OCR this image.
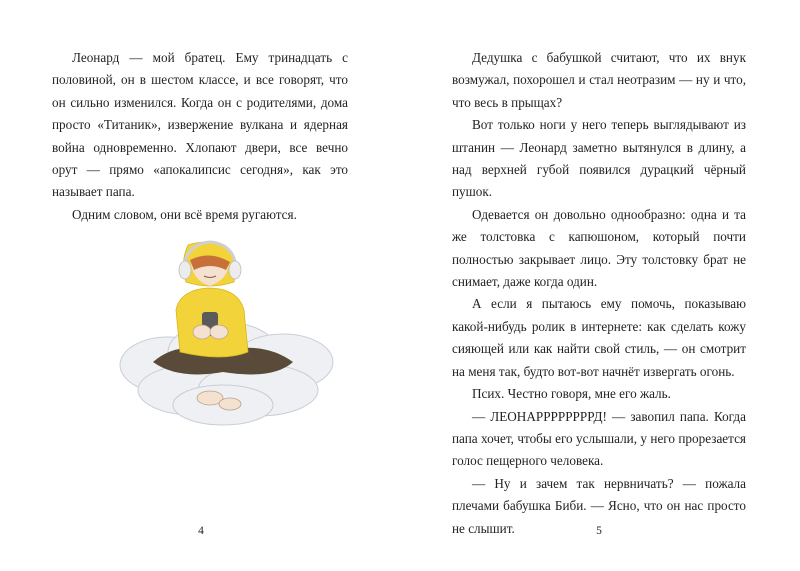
Леонард — мой братец. Ему тринадцать с половиной, он в шестом классе, и все говорят, что он сильно изменился. Когда он с родителями, дома просто «Титаник», извержение вулкана и ядерная война одновременно. Хлопают двери, все вечно орут — прямо «апокалипсис сегодня», как это называет папа.

Одним словом, они всё время ругаются.

4

Дедушка с бабушкой считают, что их внук возмужал, похорошел и стал неотразим — ну и что, что весь в прыщах?

Вот только ноги у него теперь выглядывают из штанин — Леонард заметно вытянулся в длину, а над верхней губой появился дурацкий чёрный пушок.

Одевается он довольно однообразно: одна и та же толстовка с капюшоном, который почти полностью закрывает лицо. Эту толстовку брат не снимает, даже когда один.

А если я пытаюсь ему помочь, показываю какой-нибудь ролик в интернете: как сделать кожу сияющей или как найти свой стиль, — он смотрит на меня так, будто вот-вот начнёт извергать огонь.

Псих. Честно говоря, мне его жаль.

— ЛЕОНАРРРРРРРРД! — завопил папа. Когда папа хочет, чтобы его услышали, у него прорезается голос пещерного человека.

— Ну и зачем так нервничать? — пожала плечами бабушка Биби. — Ясно, что он нас просто не слышит.	5
